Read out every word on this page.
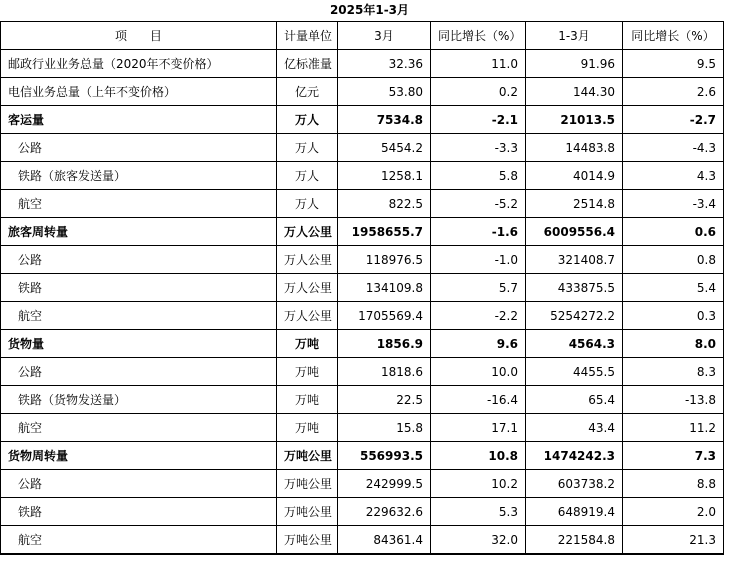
2025年1-3月
项      目	计量单位	3月	同比增长（%）	1-3月	同比增长（%）
邮政行业业务总量（2020年不变价格）	亿标准量	32.36	11.0	91.96	9.5
电信业务总量（上年不变价格）	亿元	53.80	0.2	144.30	2.6
客运量	万人	7534.8	-2.1	21013.5	-2.7
公路	万人	5454.2	-3.3	14483.8	-4.3
铁路（旅客发送量）	万人	1258.1	5.8	4014.9	4.3
航空	万人	822.5	-5.2	2514.8	-3.4
旅客周转量	万人公里	1958655.7	-1.6	6009556.4	0.6
公路	万人公里	118976.5	-1.0	321408.7	0.8
铁路	万人公里	134109.8	5.7	433875.5	5.4
航空	万人公里	1705569.4	-2.2	5254272.2	0.3
货物量	万吨	1856.9	9.6	4564.3	8.0
公路	万吨	1818.6	10.0	4455.5	8.3
铁路（货物发送量）	万吨	22.5	-16.4	65.4	-13.8
航空	万吨	15.8	17.1	43.4	11.2
货物周转量	万吨公里	556993.5	10.8	1474242.3	7.3
公路	万吨公里	242999.5	10.2	603738.2	8.8
铁路	万吨公里	229632.6	5.3	648919.4	2.0
航空	万吨公里	84361.4	32.0	221584.8	21.3
